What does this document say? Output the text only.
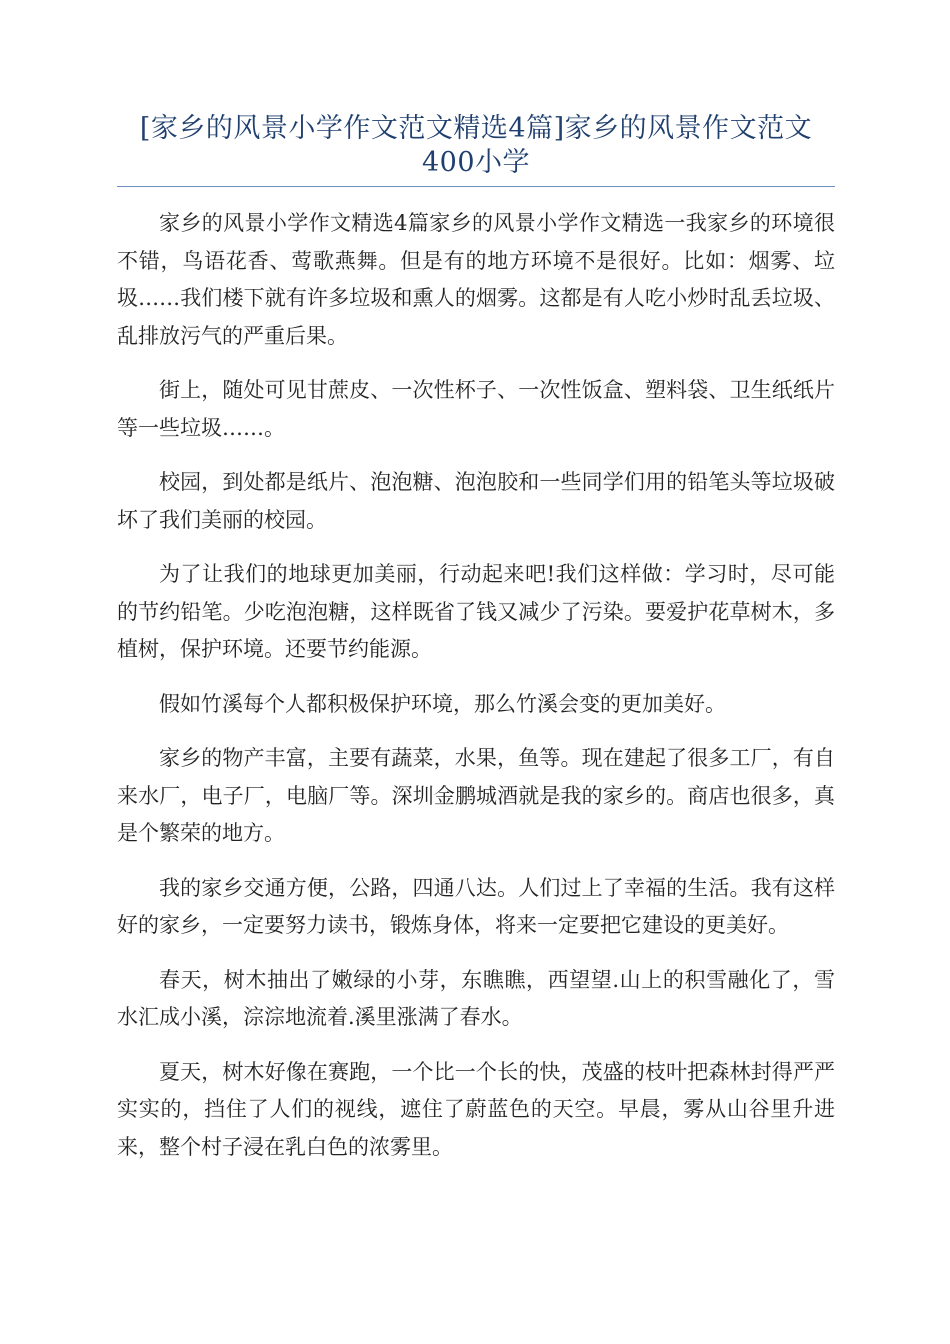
[家乡的风景小学作文范文精选4篇]家乡的风景作文范文400小学

家乡的风景小学作文精选4篇家乡的风景小学作文精选一我家乡的环境很不错，鸟语花香、莺歌燕舞。但是有的地方环境不是很好。比如：烟雾、垃圾……我们楼下就有许多垃圾和熏人的烟雾。这都是有人吃小炒时乱丢垃圾、乱排放污气的严重后果。

街上，随处可见甘蔗皮、一次性杯子、一次性饭盒、塑料袋、卫生纸纸片等一些垃圾……。

校园，到处都是纸片、泡泡糖、泡泡胶和一些同学们用的铅笔头等垃圾破坏了我们美丽的校园。

为了让我们的地球更加美丽，行动起来吧!我们这样做：学习时，尽可能的节约铅笔。少吃泡泡糖，这样既省了钱又减少了污染。要爱护花草树木，多植树，保护环境。还要节约能源。

假如竹溪每个人都积极保护环境，那么竹溪会变的更加美好。

家乡的物产丰富，主要有蔬菜，水果，鱼等。现在建起了很多工厂，有自来水厂，电子厂，电脑厂等。深圳金鹏城酒就是我的家乡的。商店也很多，真是个繁荣的地方。

我的家乡交通方便，公路，四通八达。人们过上了幸福的生活。我有这样好的家乡，一定要努力读书，锻炼身体，将来一定要把它建设的更美好。

春天，树木抽出了嫩绿的小芽，东瞧瞧，西望望.山上的积雪融化了，雪水汇成小溪，淙淙地流着.溪里涨满了春水。

夏天，树木好像在赛跑，一个比一个长的快，茂盛的枝叶把森林封得严严实实的，挡住了人们的视线，遮住了蔚蓝色的天空。早晨，雾从山谷里升进来，整个村子浸在乳白色的浓雾里。
